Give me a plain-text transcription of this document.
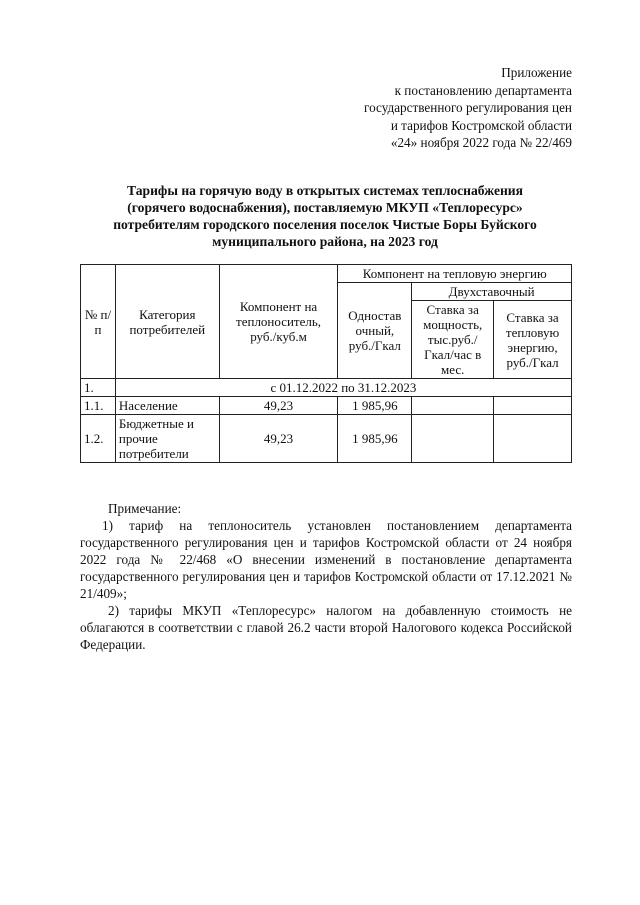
Приложение
к постановлению департамента
государственного регулирования цен
и тарифов Костромской области
«24» ноября 2022 года № 22/469
Тарифы на горячую воду в открытых системах теплоснабжения
(горячего водоснабжения), поставляемую МКУП «Теплоресурс»
потребителям городского поселения поселок Чистые Боры Буйского
муниципального района, на 2023 год
№ п/п	Категория потребителей	Компонент на теплоноситель, руб./куб.м	Компонент на тепловую энергию		
			Одностав очный, руб./Гкал	Двухставочный	
				Ставка за мощность, тыс.руб./ Гкал/час в мес.	Ставка за тепловую энергию, руб./Гкал
1.	с 01.12.2022 по 31.12.2023				
1.1.	Население	49,23	1 985,96		
1.2.	Бюджетные и прочие потребители	49,23	1 985,96		

Примечание:

1) тариф на теплоноситель установлен постановлением департамента государственного регулирования цен и тарифов Костромской области от 24 ноября 2022 года № 22/468 «О внесении изменений в постановление департамента государственного регулирования цен и тарифов Костромской области от 17.12.2021 № 21/409»;

2) тарифы МКУП «Теплоресурс» налогом на добавленную стоимость не облагаются в соответствии с главой 26.2 части второй Налогового кодекса Российской Федерации.
